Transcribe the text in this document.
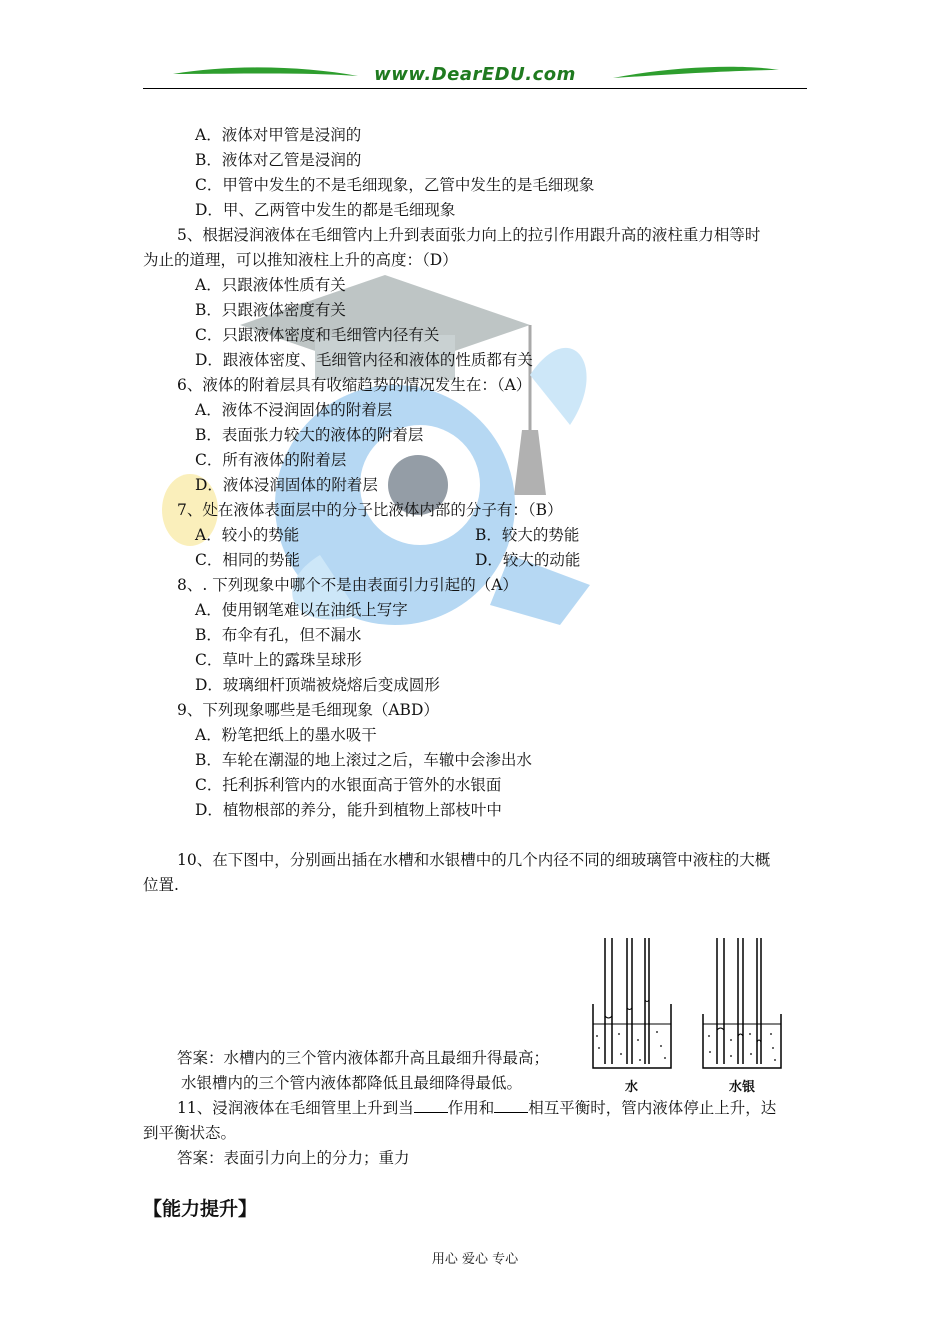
www.DearEDU.com
A．液体对甲管是浸润的
B．液体对乙管是浸润的
C．甲管中发生的不是毛细现象，乙管中发生的是毛细现象
D．甲、乙两管中发生的都是毛细现象
5、根据浸润液体在毛细管内上升到表面张力向上的拉引作用跟升高的液柱重力相等时
为止的道理，可以推知液柱上升的高度：（D）
A．只跟液体性质有关
B．只跟液体密度有关
C．只跟液体密度和毛细管内径有关
D．跟液体密度、毛细管内径和液体的性质都有关
6、液体的附着层具有收缩趋势的情况发生在：（A）
A．液体不浸润固体的附着层
B．表面张力较大的液体的附着层
C．所有液体的附着层
D．液体浸润固体的附着层
7、处在液体表面层中的分子比液体内部的分子有：（B）
A．较小的势能	B．较大的势能
C．相同的势能	D．较大的动能
8、. 下列现象中哪个不是由表面引力引起的（A）
A．使用钢笔难以在油纸上写字
B．布伞有孔，但不漏水
C．草叶上的露珠呈球形
D．玻璃细杆顶端被烧熔后变成圆形
9、下列现象哪些是毛细现象（ABD）
A．粉笔把纸上的墨水吸干
B．车轮在潮湿的地上滚过之后，车辙中会渗出水
C．托利拆利管内的水银面高于管外的水银面
D．植物根部的养分，能升到植物上部枝叶中
10、在下图中，分别画出插在水槽和水银槽中的几个内径不同的细玻璃管中液柱的大概
位置.
水	水银
答案：水槽内的三个管内液体都升高且最细升得最高；
水银槽内的三个管内液体都降低且最细降得最低。
11、浸润液体在毛细管里上升到当 作用和 相互平衡时，管内液体停止上升，达
到平衡状态。
答案：表面引力向上的分力；重力
【能力提升】
用心 爱心 专心
